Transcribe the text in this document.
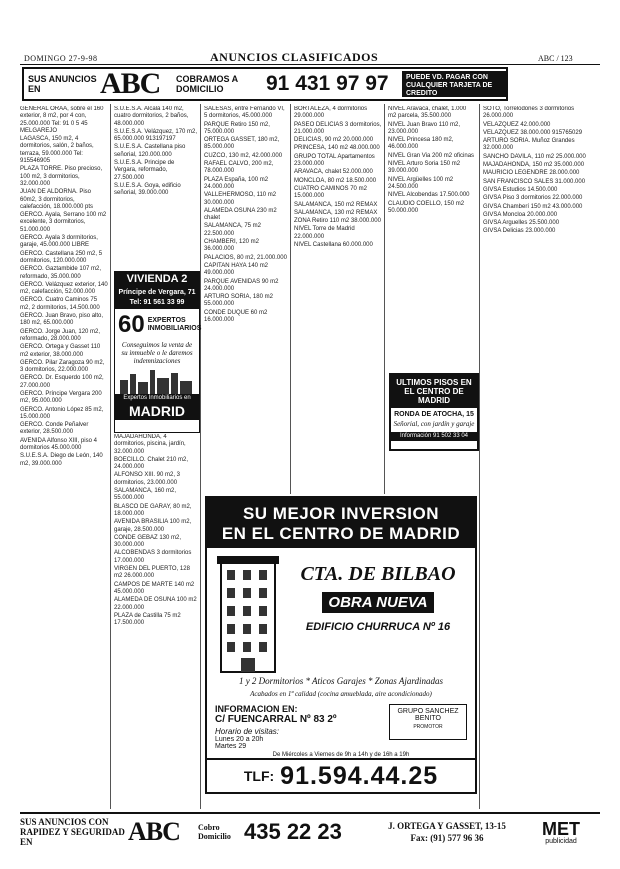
DOMINGO 27-9-98	ANUNCIOS CLASIFICADOS	ABC / 123
SUS ANUNCIOS EN	ABC	COBRAMOS A DOMICILIO	91 431 97 97	PUEDE VD. PAGAR CON CUALQUIER TARJETA DE CREDITO

GENERAL ORAA, sobre el 160 exterior, 8 m2, por 4 con, 25.000.000 Tel: 91 0 5 45 MELGAREJO

LAGASCA, 150 m2, 4 dormitorios, salón, 2 baños, terraza, 59.000.000 Tel: 915546905

PLAZA TORRE. Piso precioso, 100 m2, 3 dormitorios, 32.000.000

JUAN DE ALDORNA. Piso 60m2, 3 dormitorios, calefacción, 18.000.000 pts

GERCO. Ayala, Serrano 100 m2 excelente, 3 dormitorios, 51.000.000

GERCO. Ayala 3 dormitorios, garaje, 45.000.000 LIBRE

GERCO. Castellana 250 m2, 5 dormitorios, 120.000.000

GERCO. Gaztambide 107 m2, reformado, 35.000.000

GERCO. Velázquez exterior, 140 m2, calefacción, 52.000.000

GERCO. Cuatro Caminos 75 m2, 2 dormitorios, 14.500.000

GERCO. Juan Bravo, piso alto, 180 m2, 65.000.000

GERCO. Jorge Juan, 120 m2, reformado, 28.000.000

GERCO. Ortega y Gasset 110 m2 exterior, 38.000.000

GERCO. Pilar Zaragoza 90 m2, 3 dormitorios, 22.000.000

GERCO. Dr. Esquerdo 100 m2, 27.000.000

GERCO. Príncipe Vergara 200 m2, 95.000.000

GERCO. Antonio López 85 m2, 15.000.000

GERCO. Conde Peñalver exterior, 28.500.000

AVENIDA Alfonso XIII, piso 4 dormitorios 45.000.000

S.U.E.S.A. Diego de León, 140 m2, 39.000.000

S.U.E.S.A. Alcalá 140 m2, cuatro dormitorios, 2 baños, 48.000.000

S.U.E.S.A. Velázquez, 170 m2, 65.000.000 913197197

S.U.E.S.A. Castellana piso señorial, 120.000.000

S.U.E.S.A. Principe de Vergara, reformado, 27.500.000

S.U.E.S.A. Goya, edificio señorial, 39.000.000

VIVIENDA 2
Príncipe de Vergara, 71
Tel: 91 561 33 99
60 EXPERTOS INMOBILIARIOS
Conseguimos la venta de su inmueble o le daremos indemnizaciones
Expertos Inmobiliarios en
MADRID

MAJADAHONDA, 4 dormitorios, piscina, jardín, 32.000.000

BOECILLO. Chalet 210 m2, 24.000.000

ALFONSO XIII. 90 m2, 3 dormitorios, 23.000.000

SALAMANCA, 160 m2, 55.000.000

BLASCO DE GARAY, 80 m2, 18.000.000

AVENIDA BRASILIA 100 m2, garaje, 28.500.000

CONDE GEBAZ 130 m2, 30.000.000

ALCOBENDAS 3 dormitorios 17.000.000

VIRGEN DEL PUERTO, 128 m2 26.000.000

CAMPOS DE MARTE 140 m2 45.000.000

ALAMEDA DE OSUNA 100 m2 22.000.000

PLAZA de Castilla 75 m2 17.500.000

SALESAS, entre Fernando VI, 5 dormitorios, 45.000.000

PARQUE Retiro 150 m2, 75.000.000

ORTEGA GASSET, 180 m2, 85.000.000

CUZCO, 130 m2, 42.000.000

RAFAEL CALVO, 200 m2, 78.000.000

PLAZA España, 100 m2 24.000.000

VALLEHERMOSO, 110 m2 30.000.000

ALAMEDA OSUNA 230 m2 chalet

SALAMANCA, 75 m2 22.500.000

CHAMBERI, 120 m2 36.000.000

PALACIOS, 80 m2, 21.000.000

CAPITAN HAYA 140 m2 49.000.000

PARQUE AVENIDAS 90 m2 24.000.000

ARTURO SORIA, 180 m2 55.000.000

CONDE DUQUE 60 m2 16.000.000

BORTALEZA, 4 dormitorios 29.000.000

PASEO DELICIAS 3 dormitorios, 21.000.000

DELICIAS, 90 m2 20.000.000

PRINCESA, 140 m2 48.000.000

GRUPO TOTAL Apartamentos 23.000.000

ARAVACA, chalet 52.000.000

MONCLOA, 80 m2 18.500.000

CUATRO CAMINOS 70 m2 15.000.000

SALAMANCA, 150 m2 REMAX

SALAMANCA, 130 m2 REMAX

ZONA Retiro 110 m2 38.000.000

NIVEL Torre de Madrid 22.000.000

NIVEL Castellana 60.000.000

NIVEL Aravaca, chalet, 1.000 m2 parcela, 35.500.000

NIVEL Juan Bravo 110 m2, 23.000.000

NIVEL Princesa 180 m2, 46.000.000

NIVEL Gran Via 200 m2 oficinas

NIVEL Arturo Soria 150 m2 39.000.000

NIVEL Argüelles 100 m2 24.500.000

NIVEL Alcobendas 17.500.000

CLAUDIO COELLO, 150 m2 50.000.000

ULTIMOS PISOS EN EL CENTRO DE MADRID
RONDA DE ATOCHA, 15
Señorial, con jardín y garaje
Información 91 502 33 04

SOTO, Torrelodones 3 dormitorios 26.000.000

VELAZQUEZ 42.000.000

VELAZQUEZ 38.000.000 915765029

ARTURO SORIA. Muñoz Grandes 32.000.000

SANCHO DAVILA, 110 m2 25.000.000

MAJADAHONDA, 150 m2 35.000.000

MAURICIO LEGENDRE 28.000.000

SAN FRANCISCO SALES 31.000.000

GIVSA Estudios 14.500.000

GIVSA Piso 3 dormitorios 22.000.000

GIVSA Chamberí 150 m2 43.000.000

GIVSA Moncloa 20.000.000

GIVSA Arguelles 25.500.000

GIVSA Delicias 23.000.000

SU MEJOR INVERSION
EN EL CENTRO DE MADRID
CTA. DE BILBAO
OBRA NUEVA
EDIFICIO CHURRUCA Nº 16
1 y 2 Dormitorios * Aticos Garajes * Zonas Ajardinadas
Acabados en 1ª calidad (cocina amueblada, aire acondicionado)
INFORMACION EN:
C/ FUENCARRAL Nº 83 2º
Horario de visitas:
Lunes 20 a 20h
Martes 29
GRUPO SANCHEZ BENITO
PROMOTOR
De Miércoles a Viernes de 9h a 14h y de 16h a 19h
TLF: 91.594.44.25
SUS ANUNCIOS CON RAPIDEZ Y SEGURIDAD EN	ABC	Cobro Domicilio 435 22 23	J. ORTEGA Y GASSET, 13-15
Fax: (91) 577 96 36	MET
publicidad
